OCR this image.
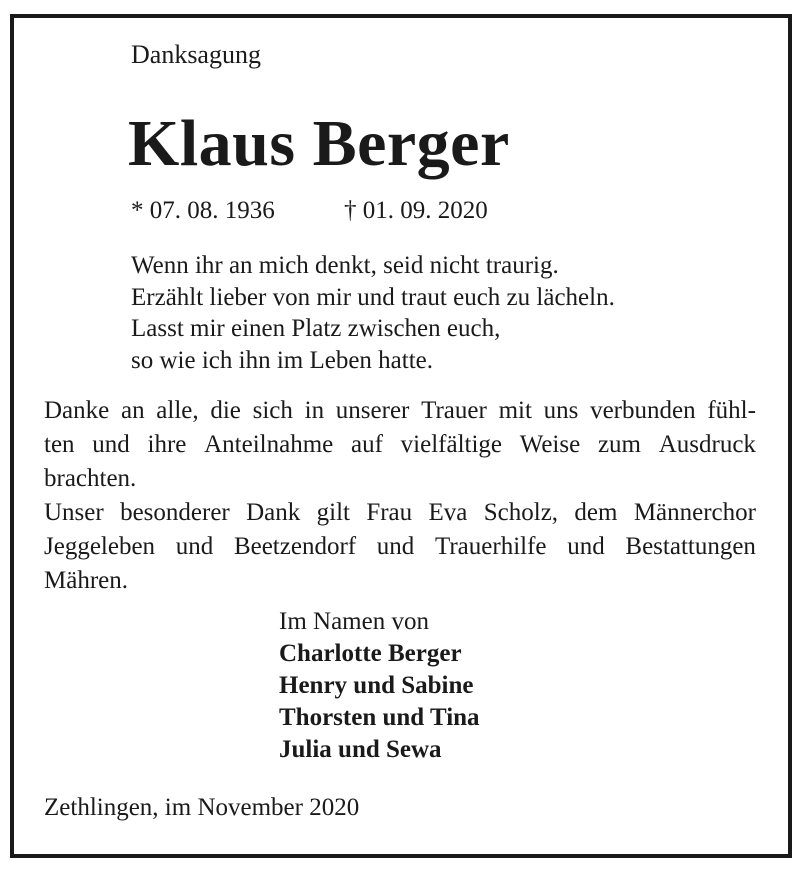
Danksagung
Klaus Berger
* 07. 08. 1936	† 01. 09. 2020
Wenn ihr an mich denkt, seid nicht traurig.
Erzählt lieber von mir und traut euch zu lächeln.
Lasst mir einen Platz zwischen euch,
so wie ich ihn im Leben hatte.
Danke an alle, die sich in unserer Trauer mit uns verbunden fühl-
ten und ihre Anteilnahme auf vielfältige Weise zum Ausdruck
brachten.
Unser besonderer Dank gilt Frau Eva Scholz, dem Männerchor
Jeggeleben und Beetzendorf und Trauerhilfe und Bestattungen
Mähren.
Im Namen von
Charlotte Berger
Henry und Sabine
Thorsten und Tina
Julia und Sewa
Zethlingen, im November 2020
